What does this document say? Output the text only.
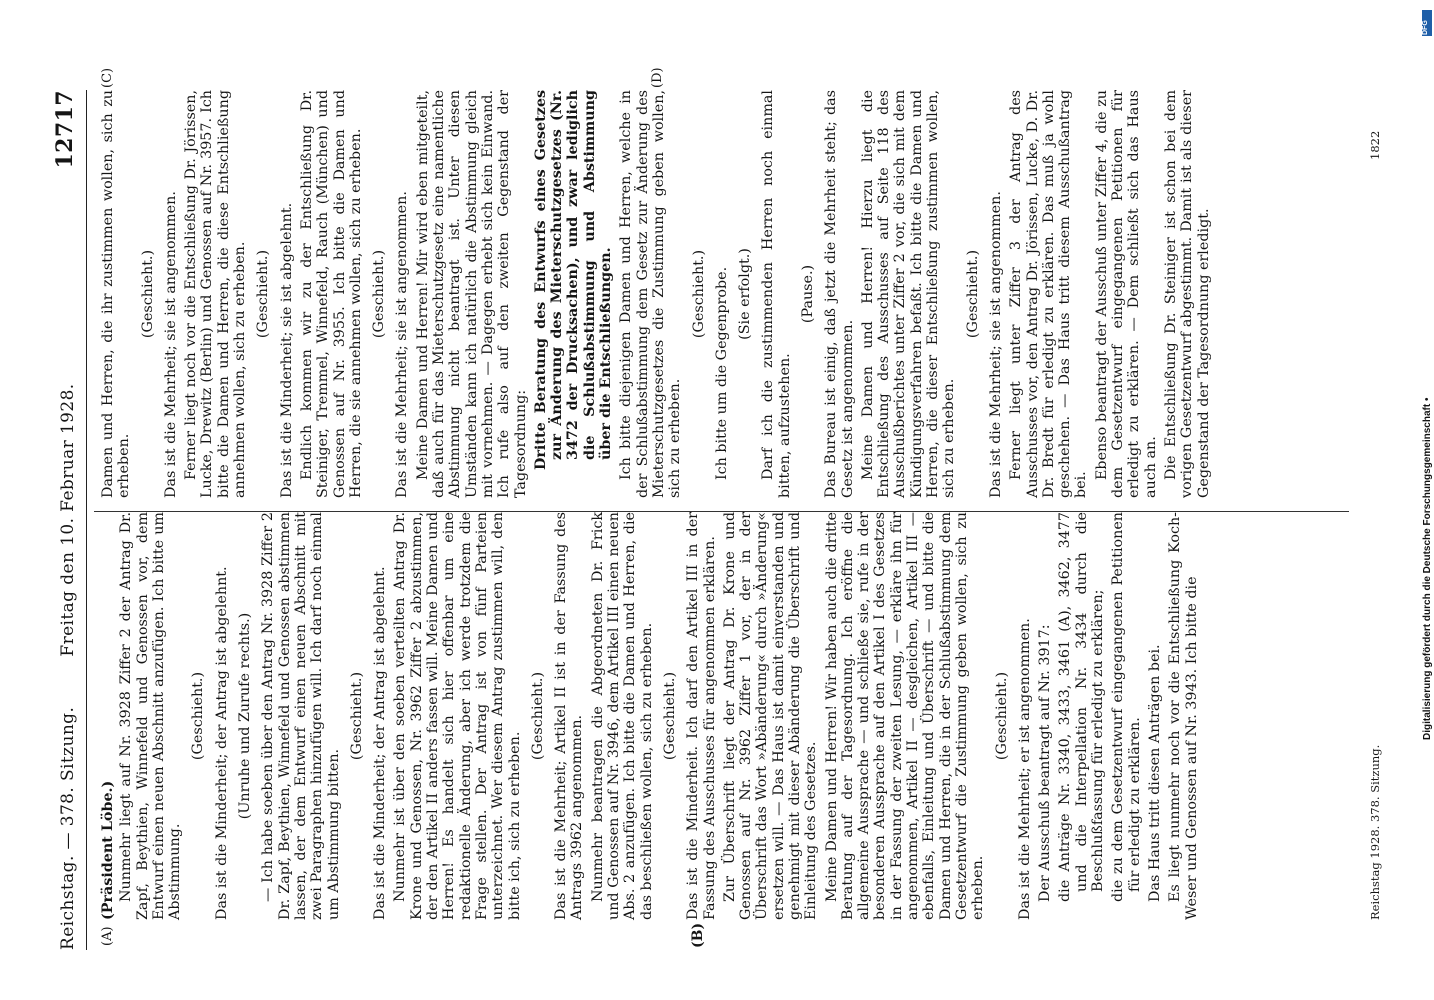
Reichstag. — 378. Sitzung.
Freitag den 10. Februar 1928.
12717
(A)	(B)
(C)	(D)

(Präsident Löbe.) Nunmehr liegt auf Nr. 3928 Ziffer 2 der Antrag Dr. Zapf, Beythien, Winnefeld und Genossen vor, dem Entwurf einen neuen Abschnitt anzufügen. Ich bitte um Abstimmung.

(Geschieht.) Das ist die Minderheit; der Antrag ist abgelehnt. (Unruhe und Zurufe rechts.) — Ich habe soeben über den Antrag Nr. 3928 Ziffer 2 Dr. Zapf, Beythien, Winnefeld und Genossen abstimmen lassen, der dem Entwurf einen neuen Abschnitt mit zwei Paragraphen hinzufügen will. Ich darf noch einmal um Abstimmung bitten.

(Geschieht.) Das ist die Minderheit; der Antrag ist abgelehnt. Nunmehr ist über den soeben verteilten Antrag Dr. Krone und Genossen, Nr. 3962 Ziffer 2 abzustimmen, der den Artikel II anders fassen will. Meine Damen und Herren! Es handelt sich hier offenbar um eine redaktionelle Änderung, aber ich werde trotzdem die Frage stellen. Der Antrag ist von fünf Parteien unterzeichnet. Wer diesem Antrag zustimmen will, den bitte ich, sich zu erheben.

(Geschieht.) Das ist die Mehrheit; Artikel II ist in der Fassung des Antrags 3962 angenommen. Nunmehr beantragen die Abgeordneten Dr. Frick und Genossen auf Nr. 3946, dem Artikel III einen neuen Abs. 2 anzufügen. Ich bitte die Damen und Herren, die das beschließen wollen, sich zu erheben. (Geschieht.) Das ist die Minderheit. Ich darf den Artikel III in der Fassung des Ausschusses für angenommen erklären. Zur Überschrift liegt der Antrag Dr. Krone und Genossen auf Nr. 3962 Ziffer 1 vor, der in der Überschrift das Wort »Abänderung« durch »Änderung« ersetzen will. — Das Haus ist damit einverstanden und genehmigt mit dieser Abänderung die Überschrift und Einleitung des Gesetzes. Meine Damen und Herren! Wir haben auch die dritte Beratung auf der Tagesordnung. Ich eröffne die allgemeine Aussprache — und schließe sie, rufe in der besonderen Aussprache auf den Artikel I des Gesetzes in der Fassung der zweiten Lesung, — erkläre ihn für angenommen, Artikel II — desgleichen, Artikel III — ebenfalls, Einleitung und Überschrift — und bitte die Damen und Herren, die in der Schlußabstimmung dem Gesetzentwurf die Zustimmung geben wollen, sich zu erheben.

(Geschieht.) Das ist die Mehrheit; er ist angenommen. Der Ausschuß beantragt auf Nr. 3917: die Anträge Nr. 3340, 3433, 3461 (A), 3462, 3477 und die Interpellation Nr. 3434 durch die Beschlußfassung für erledigt zu erklären; die zu dem Gesetzentwurf eingegangenen Petitionen für erledigt zu erklären. Das Haus tritt diesen Anträgen bei. Es liegt nunmehr noch vor die Entschließung Koch-Weser und Genossen auf Nr. 3943. Ich bitte die

Damen und Herren, die ihr zustimmen wollen, sich zu erheben.

(Geschieht.) Das ist die Mehrheit; sie ist angenommen. Ferner liegt noch vor die Entschließung Dr. Jörissen, Lucke, Drewitz (Berlin) und Genossen auf Nr. 3957. Ich bitte die Damen und Herren, die diese Entschließung annehmen wollen, sich zu erheben. (Geschieht.) Das ist die Minderheit; sie ist abgelehnt. Endlich kommen wir zu der Entschließung Dr. Steiniger, Tremmel, Winnefeld, Rauch (München) und Genossen auf Nr. 3955. Ich bitte die Damen und Herren, die sie annehmen wollen, sich zu erheben. (Geschieht.) Das ist die Mehrheit; sie ist angenommen. Meine Damen und Herren! Mir wird eben mitgeteilt, daß auch für das Mieterschutzgesetz eine namentliche Abstimmung nicht beantragt ist. Unter diesen Umständen kann ich natürlich die Abstimmung gleich mit vornehmen. — Dagegen erhebt sich kein Einwand. Ich rufe also auf den zweiten Gegenstand der Tagesordnung: Dritte Beratung des Entwurfs eines Gesetzes zur Änderung des Mieterschutzgesetzes (Nr. 3472 der Drucksachen), und zwar lediglich die Schlußabstimmung und Abstimmung über die Entschließungen. Ich bitte diejenigen Damen und Herren, welche in der Schlußabstimmung dem Gesetz zur Änderung des Mieterschutzgesetzes die Zustimmung geben wollen, sich zu erheben.

(Geschieht.) Ich bitte um die Gegenprobe. (Sie erfolgt.) Darf ich die zustimmenden Herren noch einmal bitten, aufzustehen.

(Pause.) Das Bureau ist einig, daß jetzt die Mehrheit steht; das Gesetz ist angenommen. Meine Damen und Herren! Hierzu liegt die Entschließung des Ausschusses auf Seite 118 des Ausschußberichtes unter Ziffer 2 vor, die sich mit dem Kündigungsverfahren befaßt. Ich bitte die Damen und Herren, die dieser Entschließung zustimmen wollen, sich zu erheben.

(Geschieht.) Das ist die Mehrheit; sie ist angenommen. Ferner liegt unter Ziffer 3 der Antrag des Ausschusses vor, den Antrag Dr. Jörissen, Lucke, D. Dr. Dr. Bredt für erledigt zu erklären. Das muß ja wohl geschehen. — Das Haus tritt diesem Ausschußantrag bei.

Ebenso beantragt der Ausschuß unter Ziffer 4, die zu dem Gesetzentwurf eingegangenen Petitionen für erledigt zu erklären. — Dem schließt sich das Haus auch an. Die Entschließung Dr. Steiniger ist schon bei dem vorigen Gesetzentwurf abgestimmt. Damit ist als dieser Gegenstand der Tagesordnung erledigt.

Reichstag 1928. 378. Sitzung.
1822
DFG
Digitalisierung gefördert durch die Deutsche Forschungsgemeinschaft •
